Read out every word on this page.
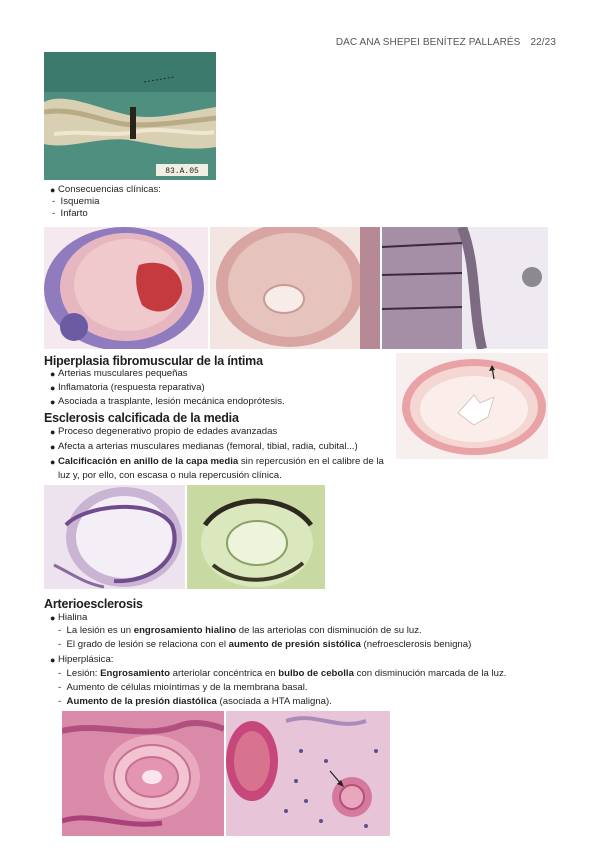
DAC ANA SHEPEI BENÍTEZ PALLARÉS 22/23
83.A.05
● Consecuencias clínicas:
-  Isquemia
-  Infarto
Hiperplasia fibromuscular de la íntima
● Arterias musculares pequeñas
● Inflamatoria (respuesta reparativa)
● Asociada a trasplante, lesión mecánica endoprótesis.
Esclerosis calcificada de la media
● Proceso degenerativo propio de edades avanzadas
● Afecta a arterias musculares medianas (femoral, tibial, radia, cubital...)
● Calcificación en anillo de la capa media sin repercusión en el calibre de la
luz y, por ello, con escasa o nula repercusión clínica.
Arterioesclerosis
● Hialina
-  La lesión es un engrosamiento hialino de las arteriolas con disminución de su luz.
-  El grado de lesión se relaciona con el aumento de presión sistólica (nefroesclerosis benigna)
● Hiperplásica:
-  Lesión: Engrosamiento arteriolar concéntrica en bulbo de cebolla con disminución marcada de la luz.
-  Aumento de células mioíntimas y de la membrana basal.
-  Aumento de la presión diastólica (asociada a HTA maligna).
